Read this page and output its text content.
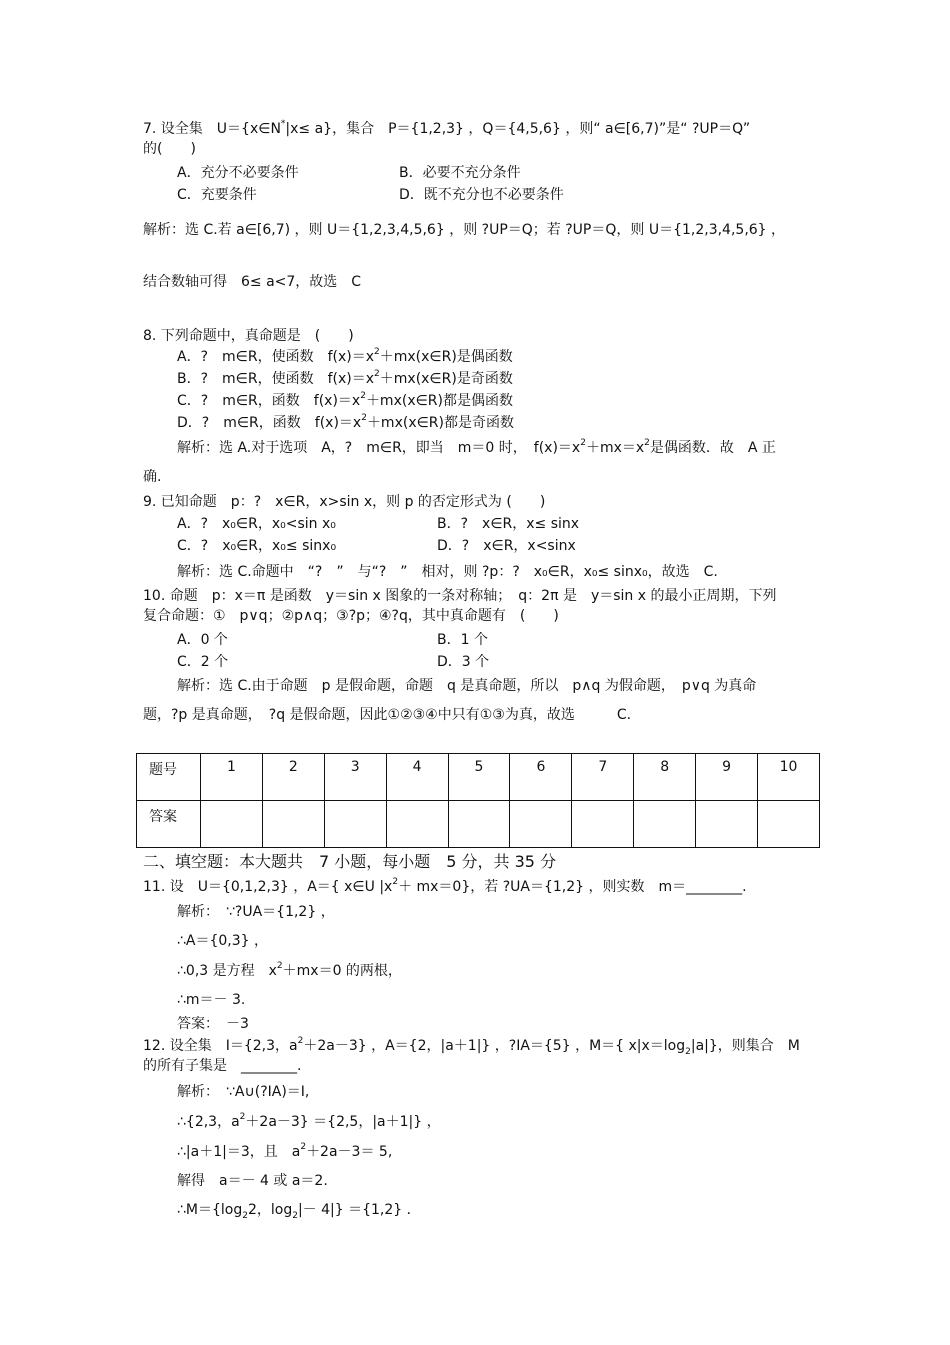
7. 设全集　U＝{x∈N*|x≤ a}，集合　P＝{1,2,3} ，Q＝{4,5,6} ，则“ a∈[6,7)”是“ ?UP＝Q”
的(　　)
A．充分不必要条件	B．必要不充分条件
C．充要条件	D．既不充分也不必要条件
解析：选 C.若 a∈[6,7) ，则 U＝{1,2,3,4,5,6} ，则 ?UP＝Q；若 ?UP＝Q，则 U＝{1,2,3,4,5,6} ，
结合数轴可得　6≤ a<7，故选　C
8. 下列命题中，真命题是　(　　)
A．?　m∈R，使函数　$f(x)=x^2+mx(x\in R)$是偶函数
B．?　m∈R，使函数　$f(x)=x^2+mx(x\in R)$是奇函数
C．?　m∈R，函数　$f(x)=x^2+mx(x\in R)$都是偶函数
D．?　m∈R，函数　$f(x)=x^2+mx(x\in R)$都是奇函数
解析：选 A.对于选项　A，?　m∈R，即当　m＝0 时，　$f(x)=x^2+mx=x^2$是偶函数．故　A 正
确.
9. 已知命题　p：?　x∈R，x>sin x，则 p 的否定形式为 (　　)
A．?　x₀∈R，x₀<sin x₀	B．?　x∈R，x≤ sinx
C．?　x₀∈R，x₀≤ sinx₀	D．?　x∈R，x<sinx
解析：选 C.命题中　“?　”　与“?　”　相对，则 ?p：?　x₀∈R，x₀≤ sinx₀，故选　C.
10. 命题　p：x＝π 是函数　y＝sin x 图象的一条对称轴；　q：2π 是　y＝sin x 的最小正周期，下列
复合命题：①　p∨q；②p∧q；③?p；④?q，其中真命题有　(　　)
A．0 个	B．1 个
C．2 个	D．3 个
解析：选 C.由于命题　p 是假命题，命题　q 是真命题，所以　p∧q 为假命题，　p∨q 为真命
题，?p 是真命题，　?q 是假命题，因此①②③④中只有①③为真，故选　　　C.
题号	1	2	3	4	5	6	7	8	9	10
答案										
二、填空题：本大题共　7 小题，每小题　5 分，共 35 分
11. 设　U＝{0,1,2,3} ，A＝{ x∈U $|x^2+ mx=0$}，若 ?UA＝{1,2} ，则实数　m＝________.
解析：　∵?UA＝{1,2} ，
∴A＝{0,3} ，
∴0,3 是方程　$x^2+mx=0$ 的两根，
∴m＝－ 3.
答案：　－3
12. 设全集　I＝{2,3，$a^2+2a-3$} ，A＝{2，|a＋1|} ，?IA＝{5} ，M＝{ $x|x=\log_2|a|$}，则集合　M
的所有子集是　________.
解析：　∵A∪(?IA)＝I,
∴{2,3，$a^2+2a-3\} =\{2,5$，|a＋1|} ，
∴|a＋1|＝3，且　$a^2+2a-3= 5$,
解得　a＝－ 4 或 a＝2.
$\therefore M=\{\log_22$，$\log_2|- 4|\} =\{1,2\}$ ．
